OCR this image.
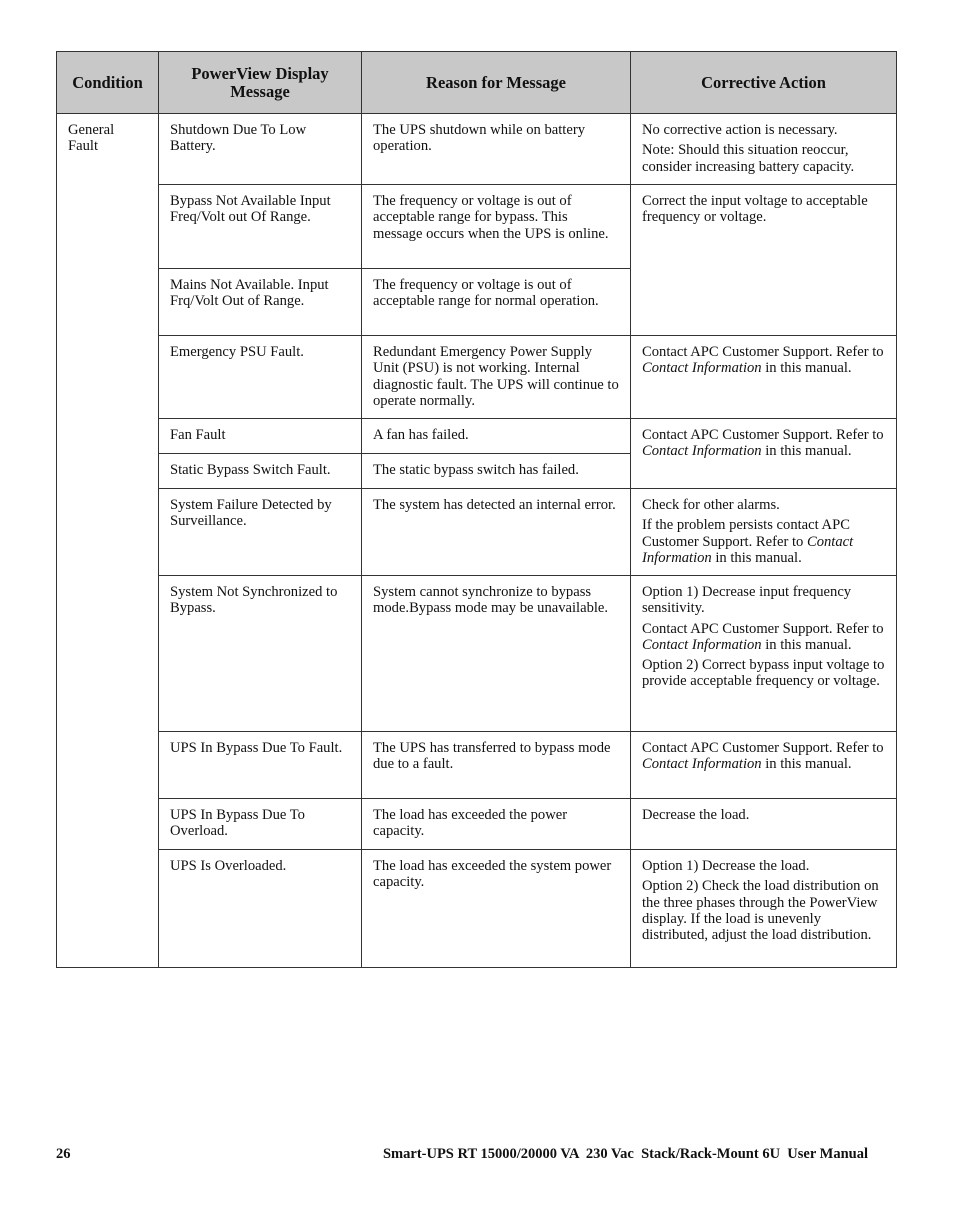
Condition	PowerView Display Message	Reason for Message	Corrective Action
General Fault	Shutdown Due To Low Battery.	The UPS shutdown while on battery operation.	No corrective action is necessary.

Note: Should this situation reoccur, consider increasing battery capacity.

	Bypass Not Available Input Freq/Volt out Of Range.	The frequency or voltage is out of acceptable range for bypass. This message occurs when the UPS is online.	Correct the input voltage to acceptable frequency or voltage.

	Mains Not Available. Input Frq/Volt Out of Range.	The frequency or voltage is out of acceptable range for normal operation.	
	Emergency PSU Fault.	Redundant Emergency Power Supply Unit (PSU) is not working. Internal diagnostic fault. The UPS will continue to operate normally.	Contact APC Customer Support. Refer to Contact Information in this manual.

	Fan Fault	A fan has failed.	Contact APC Customer Support. Refer to Contact Information in this manual.

	Static Bypass Switch Fault.	The static bypass switch has failed.	
	System Failure Detected by Surveillance.	The system has detected an internal error.	Check for other alarms.

If the problem persists contact APC Customer Support. Refer to Contact Information in this manual.

	System Not Synchronized to Bypass.	System cannot synchronize to bypass mode.Bypass mode may be unavailable.	Option 1) Decrease input frequency sensitivity.

Contact APC Customer Support. Refer to Contact Information in this manual.

Option 2) Correct bypass input voltage to provide acceptable frequency or voltage.

	UPS In Bypass Due To Fault.	The UPS has transferred to bypass mode due to a fault.	Contact APC Customer Support. Refer to Contact Information in this manual.

	UPS In Bypass Due To Overload.	The load has exceeded the power capacity.	Decrease the load.

	UPS Is Overloaded.	The load has exceeded the system power capacity.	Option 1) Decrease the load.

Option 2) Check the load distribution on the three phases through the PowerView display. If the load is unevenly distributed, adjust the load distribution.

26	Smart-UPS RT 15000/20000 VA  230 Vac  Stack/Rack-Mount 6U  User Manual
